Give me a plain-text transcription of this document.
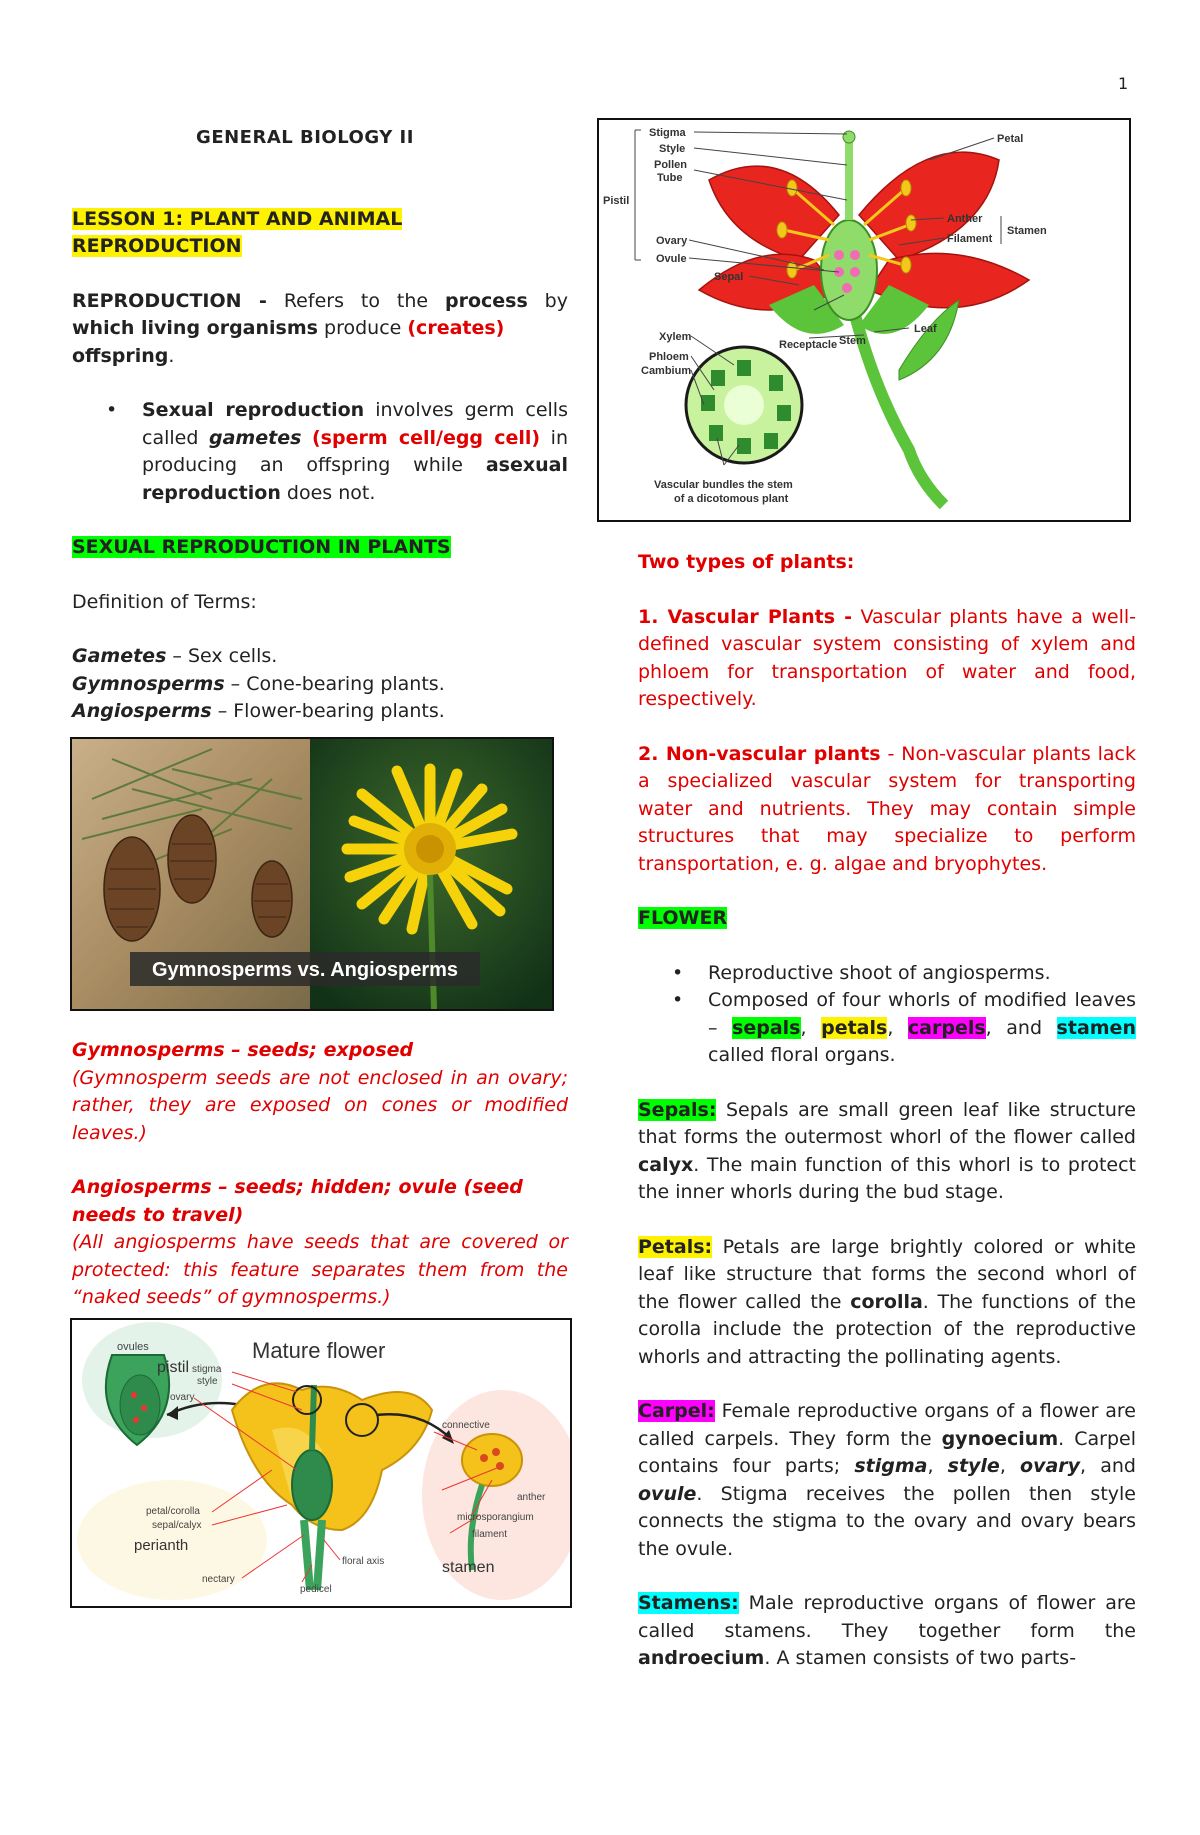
1
GENERAL BIOLOGY II
LESSON 1: PLANT AND ANIMAL
REPRODUCTION

REPRODUCTION - Refers to the process by which living organisms produce (creates)
offspring.

• Sexual reproduction involves germ cells called gametes (sperm cell/egg cell) in producing an offspring while asexual reproduction does not.
SEXUAL REPRODUCTION IN PLANTS

Definition of Terms:

Gametes – Sex cells.

Gymnosperms – Cone-bearing plants.

Angiosperms – Flower-bearing plants.

Gymnosperms vs. Angiosperms

Gymnosperms – seeds; exposed

(Gymnosperm seeds are not enclosed in an ovary; rather, they are exposed on cones or modified leaves.)

Angiosperms – seeds; hidden; ovule (seed needs to travel)

(All angiosperms have seeds that are covered or protected: this feature separates them from the “naked seeds” of gymnosperms.)

Mature flower
ovules
pistil stigma
style
ovary
petal/corolla
sepal/calyx
perianth
nectary
floral axis
pedicel
connective
anther
microsporangium
filament
stamen
Stigma
Style
Pollen
Tube
Pistil
Ovary
Ovule
Sepal
Receptacle
Petal
Anther
Filament
Stamen
Leaf
Stem
Xylem
Phloem
Cambium
Vascular bundles the stem
of a dicotomous plant

Two types of plants:

1. Vascular Plants - Vascular plants have a well-defined vascular system consisting of xylem and phloem for transportation of water and food, respectively.

2. Non-vascular plants - Non-vascular plants lack a specialized vascular system for transporting water and nutrients. They may contain simple structures that may specialize to perform transportation, e. g. algae and bryophytes.

FLOWER
• Reproductive shoot of angiosperms.
• Composed of four whorls of modified leaves – sepals, petals, carpels, and stamen called floral organs.

Sepals: Sepals are small green leaf like structure that forms the outermost whorl of the flower called calyx. The main function of this whorl is to protect the inner whorls during the bud stage.

Petals: Petals are large brightly colored or white leaf like structure that forms the second whorl of the flower called the corolla. The functions of the corolla include the protection of the reproductive whorls and attracting the pollinating agents.

Carpel: Female reproductive organs of a flower are called carpels. They form the gynoecium. Carpel contains four parts; stigma, style, ovary, and ovule. Stigma receives the pollen then style connects the stigma to the ovary and ovary bears the ovule.

Stamens: Male reproductive organs of flower are called stamens. They together form the androecium. A stamen consists of two parts-
